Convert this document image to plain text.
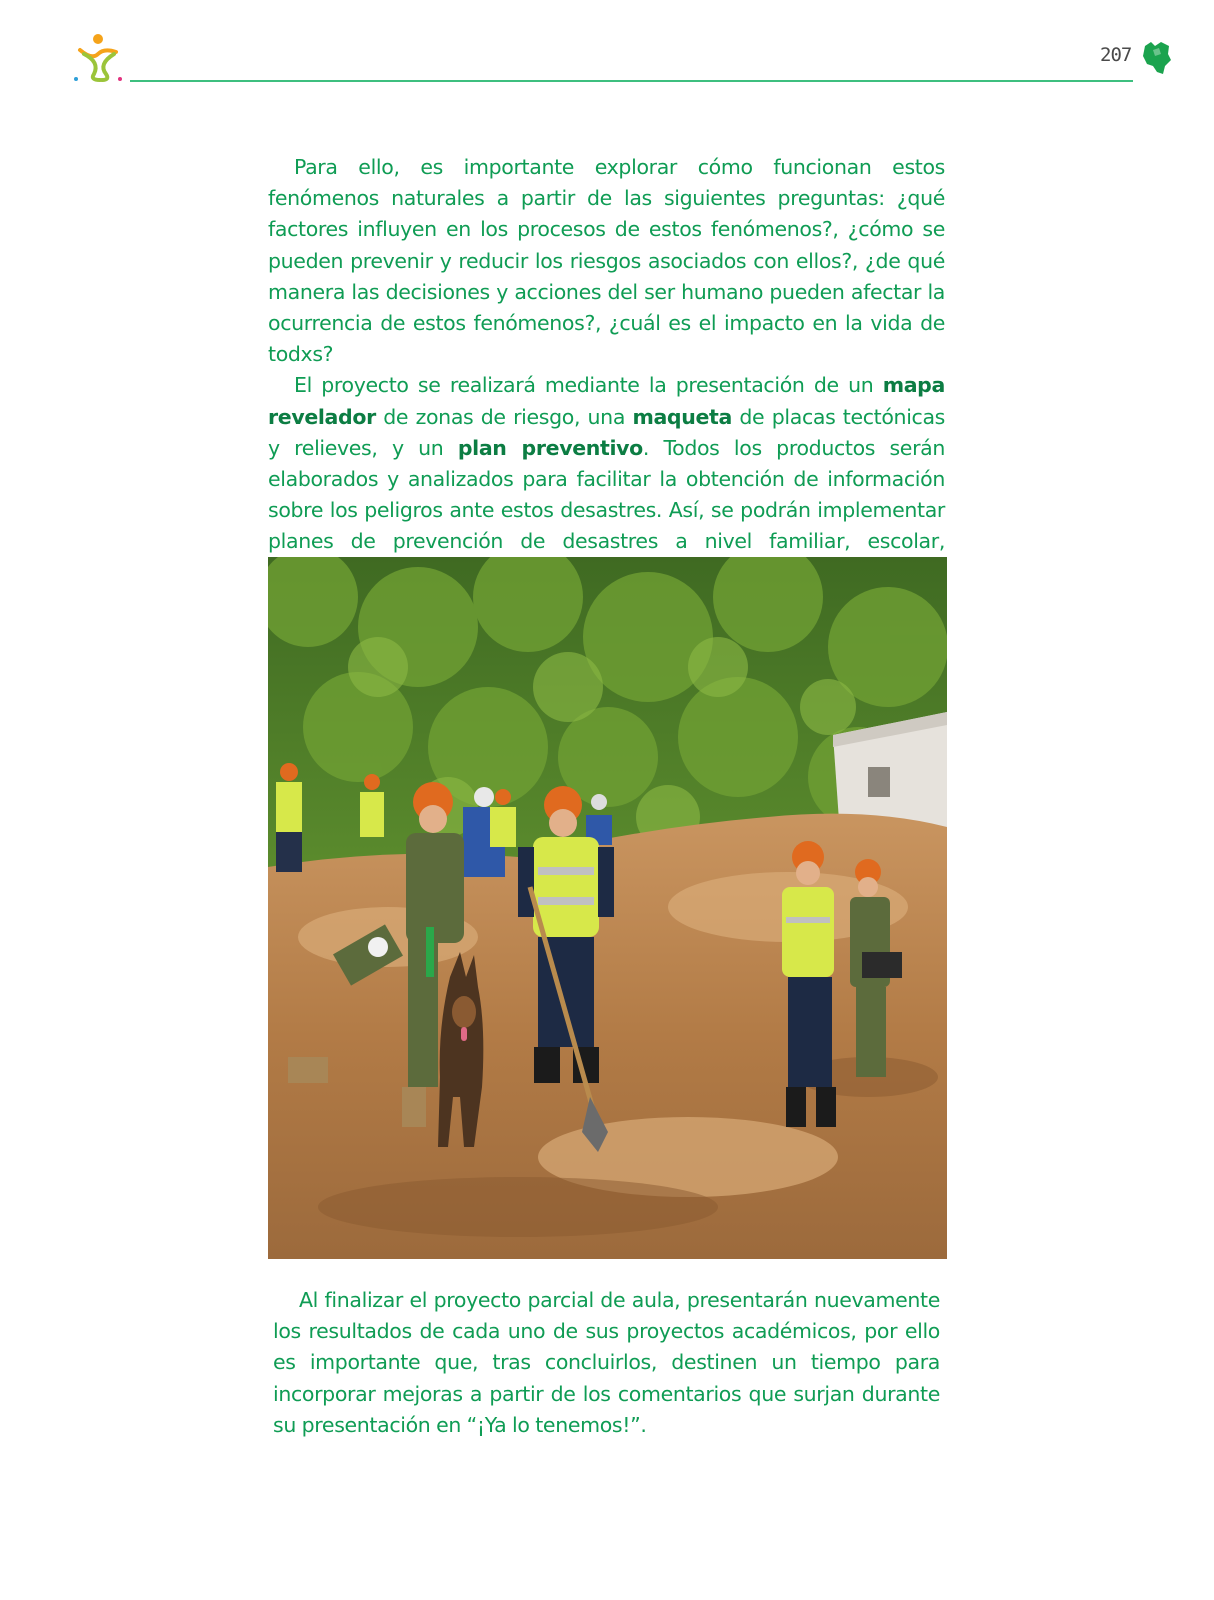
207

Para ello, es importante explorar cómo funcionan estos fenómenos naturales a partir de las siguientes preguntas: ¿qué factores influyen en los procesos de estos fenómenos?, ¿cómo se pueden prevenir y reducir los riesgos asociados con ellos?, ¿de qué manera las decisiones y acciones del ser humano pueden afectar la ocurrencia de estos fenómenos?, ¿cuál es el impacto en la vida de todxs?

El proyecto se realizará mediante la presentación de un mapa revelador de zonas de riesgo, una maqueta de placas tectónicas y relieves, y un plan preventivo. Todos los productos serán elaborados y analizados para facilitar la obtención de información sobre los peligros ante estos desastres. Así, se podrán implementar planes de prevención de desastres a nivel familiar, escolar,

Al finalizar el proyecto parcial de aula, presentarán nuevamente los resultados de cada uno de sus proyectos académicos, por ello es importante que, tras concluirlos, destinen un tiempo para incorporar mejoras a partir de los comentarios que surjan durante su presentación en “¡Ya lo tenemos!”.
